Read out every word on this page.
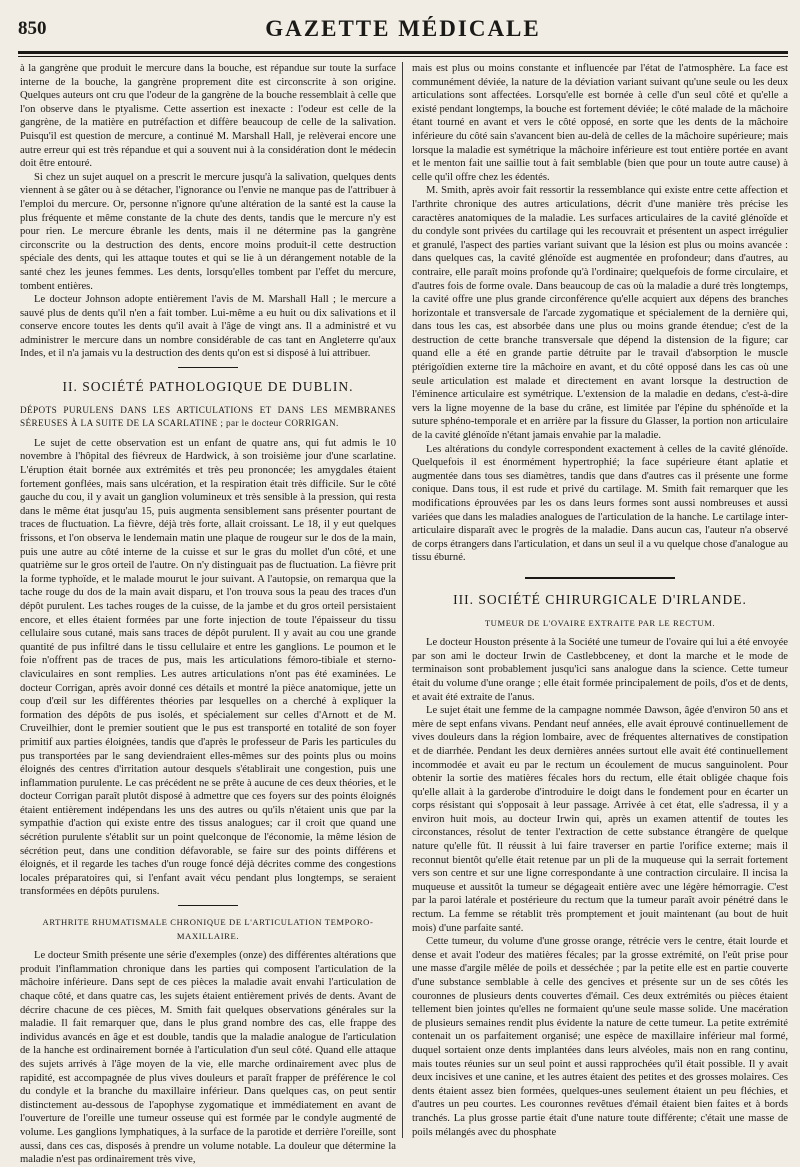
850	GAZETTE MÉDICALE

à la gangrène que produit le mercure dans la bouche, est répandue sur toute la surface interne de la bouche, la gangrène proprement dite est circonscrite à son origine. Quelques auteurs ont cru que l'odeur de la gangrène de la bouche ressemblait à celle que l'on observe dans le ptyalisme. Cette assertion est inexacte : l'odeur est celle de la gangrène, de la matière en putréfaction et diffère beaucoup de celle de la salivation. Puisqu'il est question de mercure, a continué M. Marshall Hall, je relèverai encore une autre erreur qui est très répandue et qui a souvent nui à la considération dont le médecin doit être entouré.

Si chez un sujet auquel on a prescrit le mercure jusqu'à la salivation, quelques dents viennent à se gâter ou à se détacher, l'ignorance ou l'envie ne manque pas de l'attribuer à l'emploi du mercure. Or, personne n'ignore qu'une altération de la santé est la cause la plus fréquente et même constante de la chute des dents, tandis que le mercure n'y est pour rien. Le mercure ébranle les dents, mais il ne détermine pas la gangrène circonscrite ou la destruction des dents, encore moins produit-il cette destruction spéciale des dents, qui les attaque toutes et qui se lie à un dérangement notable de la santé chez les jeunes femmes. Les dents, lorsqu'elles tombent par l'effet du mercure, tombent entières.

Le docteur Johnson adopte entièrement l'avis de M. Marshall Hall ; le mercure a sauvé plus de dents qu'il n'en a fait tomber. Lui-même a eu huit ou dix salivations et il conserve encore toutes les dents qu'il avait à l'âge de vingt ans. Il a administré et vu administrer le mercure dans un nombre considérable de cas tant en Angleterre qu'aux Indes, et il n'a jamais vu la destruction des dents qu'on est si disposé à lui attribuer.

II. SOCIÉTÉ PATHOLOGIQUE DE DUBLIN.

DÉPOTS PURULENS DANS LES ARTICULATIONS ET DANS LES MEMBRANES SÉREUSES À LA SUITE DE LA SCARLATINE ; par le docteur CORRIGAN.

Le sujet de cette observation est un enfant de quatre ans, qui fut admis le 10 novembre à l'hôpital des fiévreux de Hardwick, à son troisième jour d'une scarlatine. L'éruption était bornée aux extrémités et très peu prononcée; les amygdales étaient fortement gonflées, mais sans ulcération, et la respiration était très difficile. Sur le côté gauche du cou, il y avait un ganglion volumineux et très sensible à la pression, qui resta dans le même état jusqu'au 15, puis augmenta sensiblement sans présenter pourtant de traces de fluctuation. La fièvre, déjà très forte, allait croissant. Le 18, il y eut quelques frissons, et l'on observa le lendemain matin une plaque de rougeur sur le dos de la main, puis une autre au côté interne de la cuisse et sur le gras du mollet d'un côté, et une quatrième sur le gros orteil de l'autre. On n'y distinguait pas de fluctuation. La fièvre prit la forme typhoïde, et le malade mourut le jour suivant. A l'autopsie, on remarqua que la tache rouge du dos de la main avait disparu, et l'on trouva sous la peau des traces d'un dépôt purulent. Les taches rouges de la cuisse, de la jambe et du gros orteil persistaient encore, et elles étaient formées par une forte injection de toute l'épaisseur du tissu cellulaire sous cutané, mais sans traces de dépôt purulent. Il y avait au cou une grande quantité de pus infiltré dans le tissu cellulaire et entre les ganglions. Le poumon et le foie n'offrent pas de traces de pus, mais les articulations fémoro-tibiale et sterno-claviculaires en sont remplies. Les autres articulations n'ont pas été examinées. Le docteur Corrigan, après avoir donné ces détails et montré la pièce anatomique, jette un coup d'œil sur les différentes théories par lesquelles on a cherché à expliquer la formation des dépôts de pus isolés, et spécialement sur celles d'Arnott et de M. Cruveilhier, dont le premier soutient que le pus est transporté en totalité de son foyer primitif aux parties éloignées, tandis que d'après le professeur de Paris les particules du pus transportées par le sang deviendraient elles-mêmes sur des points plus ou moins éloignés des centres d'irritation autour desquels s'établirait une congestion, puis une inflammation purulente. Le cas précédent ne se prête à aucune de ces deux théories, et le docteur Corrigan paraît plutôt disposé à admettre que ces foyers sur des points éloignés étaient entièrement indépendans les uns des autres ou qu'ils n'étaient unis que par la sympathie d'action qui existe entre des tissus analogues; car il croit que quand une sécrétion purulente s'établit sur un point quelconque de l'économie, la même lésion de sécrétion peut, dans une condition défavorable, se faire sur des points différens et éloignés, et il regarde les taches d'un rouge foncé déjà décrites comme des congestions locales préparatoires qui, si l'enfant avait vécu pendant plus longtemps, se seraient transformées en dépôts purulens.

ARTHRITE RHUMATISMALE CHRONIQUE DE L'ARTICULATION TEMPORO-MAXILLAIRE.

Le docteur Smith présente une série d'exemples (onze) des différentes altérations que produit l'inflammation chronique dans les parties qui composent l'articulation de la mâchoire inférieure. Dans sept de ces pièces la maladie avait envahi l'articulation de chaque côté, et dans quatre cas, les sujets étaient entièrement privés de dents. Avant de décrire chacune de ces pièces, M. Smith fait quelques observations générales sur la maladie. Il fait remarquer que, dans le plus grand nombre des cas, elle frappe des individus avancés en âge et est double, tandis que la maladie analogue de l'articulation de la hanche est ordinairement bornée à l'articulation d'un seul côté. Quand elle attaque des sujets arrivés à l'âge moyen de la vie, elle marche ordinairement avec plus de rapidité, est accompagnée de plus vives douleurs et paraît frapper de préférence le col du condyle et la branche du maxillaire inférieur. Dans quelques cas, on peut sentir distinctement au-dessous de l'apophyse zygomatique et immédiatement en avant de l'ouverture de l'oreille une tumeur osseuse qui est formée par le condyle augmenté de volume. Les ganglions lymphatiques, à la surface de la parotide et derrière l'oreille, sont aussi, dans ces cas, disposés à prendre un volume notable. La douleur que détermine la maladie n'est pas ordinairement très vive,

mais est plus ou moins constante et influencée par l'état de l'atmosphère. La face est communément déviée, la nature de la déviation variant suivant qu'une seule ou les deux articulations sont affectées. Lorsqu'elle est bornée à celle d'un seul côté et qu'elle a existé pendant longtemps, la bouche est fortement déviée; le côté malade de la mâchoire étant tourné en avant et vers le côté opposé, en sorte que les dents de la mâchoire inférieure du côté sain s'avancent bien au-delà de celles de la mâchoire supérieure; mais lorsque la maladie est symétrique la mâchoire inférieure est tout entière portée en avant et le menton fait une saillie tout à fait semblable (bien que pour un toute autre cause) à celle qu'il offre chez les édentés.

M. Smith, après avoir fait ressortir la ressemblance qui existe entre cette affection et l'arthrite chronique des autres articulations, décrit d'une manière très précise les caractères anatomiques de la maladie. Les surfaces articulaires de la cavité glénoïde et du condyle sont privées du cartilage qui les recouvrait et présentent un aspect irrégulier et granulé, l'aspect des parties variant suivant que la lésion est plus ou moins avancée : dans quelques cas, la cavité glénoïde est augmentée en profondeur; dans d'autres, au contraire, elle paraît moins profonde qu'à l'ordinaire; quelquefois de forme circulaire, et d'autres fois de forme ovale. Dans beaucoup de cas où la maladie a duré très longtemps, la cavité offre une plus grande circonférence qu'elle acquiert aux dépens des branches horizontale et transversale de l'arcade zygomatique et spécialement de la dernière qui, dans tous les cas, est absorbée dans une plus ou moins grande étendue; c'est de la destruction de cette branche transversale que dépend la distension de la figure; car quand elle a été en grande partie détruite par le travail d'absorption le muscle ptérigoïdien externe tire la mâchoire en avant, et du côté opposé dans les cas où une seule articulation est malade et directement en avant lorsque la destruction de l'éminence articulaire est symétrique. L'extension de la maladie en dedans, c'est-à-dire vers la ligne moyenne de la base du crâne, est limitée par l'épine du sphénoïde et la suture sphéno-temporale et en arrière par la fissure du Glasser, la portion non articulaire de la cavité glénoïde n'étant jamais envahie par la maladie.

Les altérations du condyle correspondent exactement à celles de la cavité glénoïde. Quelquefois il est énormément hypertrophié; la face supérieure étant aplatie et augmentée dans tous ses diamètres, tandis que dans d'autres cas il présente une forme conique. Dans tous, il est rude et privé du cartilage. M. Smith fait remarquer que les modifications éprouvées par les os dans leurs formes sont aussi nombreuses et aussi variées que dans les maladies analogues de l'articulation de la hanche. Le cartilage inter-articulaire disparaît avec le progrès de la maladie. Dans aucun cas, l'auteur n'a observé de corps étrangers dans l'articulation, et dans un seul il a vu quelque chose d'analogue au tissu éburné.

III. SOCIÉTÉ CHIRURGICALE D'IRLANDE.
TUMEUR DE L'OVAIRE EXTRAITE PAR LE RECTUM.

Le docteur Houston présente à la Société une tumeur de l'ovaire qui lui a été envoyée par son ami le docteur Irwin de Castlebbceney, et dont la marche et le mode de terminaison sont probablement jusqu'ici sans analogue dans la science. Cette tumeur était du volume d'une orange ; elle était formée principalement de poils, d'os et de dents, et avait été extraite de l'anus.

Le sujet était une femme de la campagne nommée Dawson, âgée d'environ 50 ans et mère de sept enfans vivans. Pendant neuf années, elle avait éprouvé continuellement de vives douleurs dans la région lombaire, avec de fréquentes alternatives de constipation et de diarrhée. Pendant les deux dernières années surtout elle avait été continuellement incommodée et avait eu par le rectum un écoulement de mucus sanguinolent. Pour obtenir la sortie des matières fécales hors du rectum, elle était obligée chaque fois qu'elle allait à la garderobe d'introduire le doigt dans le fondement pour en écarter un corps résistant qui s'opposait à leur passage. Arrivée à cet état, elle s'adressa, il y a environ huit mois, au docteur Irwin qui, après un examen attentif de toutes les circonstances, résolut de tenter l'extraction de cette substance étrangère de quelque nature qu'elle fût. Il réussit à lui faire traverser en partie l'orifice externe; mais il reconnut bientôt qu'elle était retenue par un pli de la muqueuse qui la serrait fortement vers son centre et sur une ligne correspondante à une contraction circulaire. Il incisa la muqueuse et aussitôt la tumeur se dégageait entière avec une légère hémorragie. C'est par la paroi latérale et postérieure du rectum que la tumeur paraît avoir pénétré dans le rectum. La femme se rétablit très promptement et jouit maintenant (au bout de huit mois) d'une parfaite santé.

Cette tumeur, du volume d'une grosse orange, rétrécie vers le centre, était lourde et dense et avait l'odeur des matières fécales; par la grosse extrémité, on l'eût prise pour une masse d'argile mêlée de poils et desséchée ; par la petite elle est en partie couverte d'une substance semblable à celle des gencives et présente sur un de ses côtés les couronnes de plusieurs dents couvertes d'émail. Ces deux extrémités ou pièces étaient tellement bien jointes qu'elles ne formaient qu'une seule masse solide. Une macération de plusieurs semaines rendit plus évidente la nature de cette tumeur. La petite extrémité contenait un os parfaitement organisé; une espèce de maxillaire inférieur mal formé, duquel sortaient onze dents implantées dans leurs alvéoles, mais non en rang continu, mais toutes réunies sur un seul point et aussi rapprochées qu'il était possible. Il y avait deux incisives et une canine, et les autres étaient des petites et des grosses molaires. Ces dents étaient assez bien formées, quelques-unes seulement étaient un peu fléchies, et d'autres un peu courtes. Les couronnes revêtues d'émail étaient bien faites et à bords tranchés. La plus grosse partie était d'une nature toute différente; c'était une masse de poils mélangés avec du phosphate
